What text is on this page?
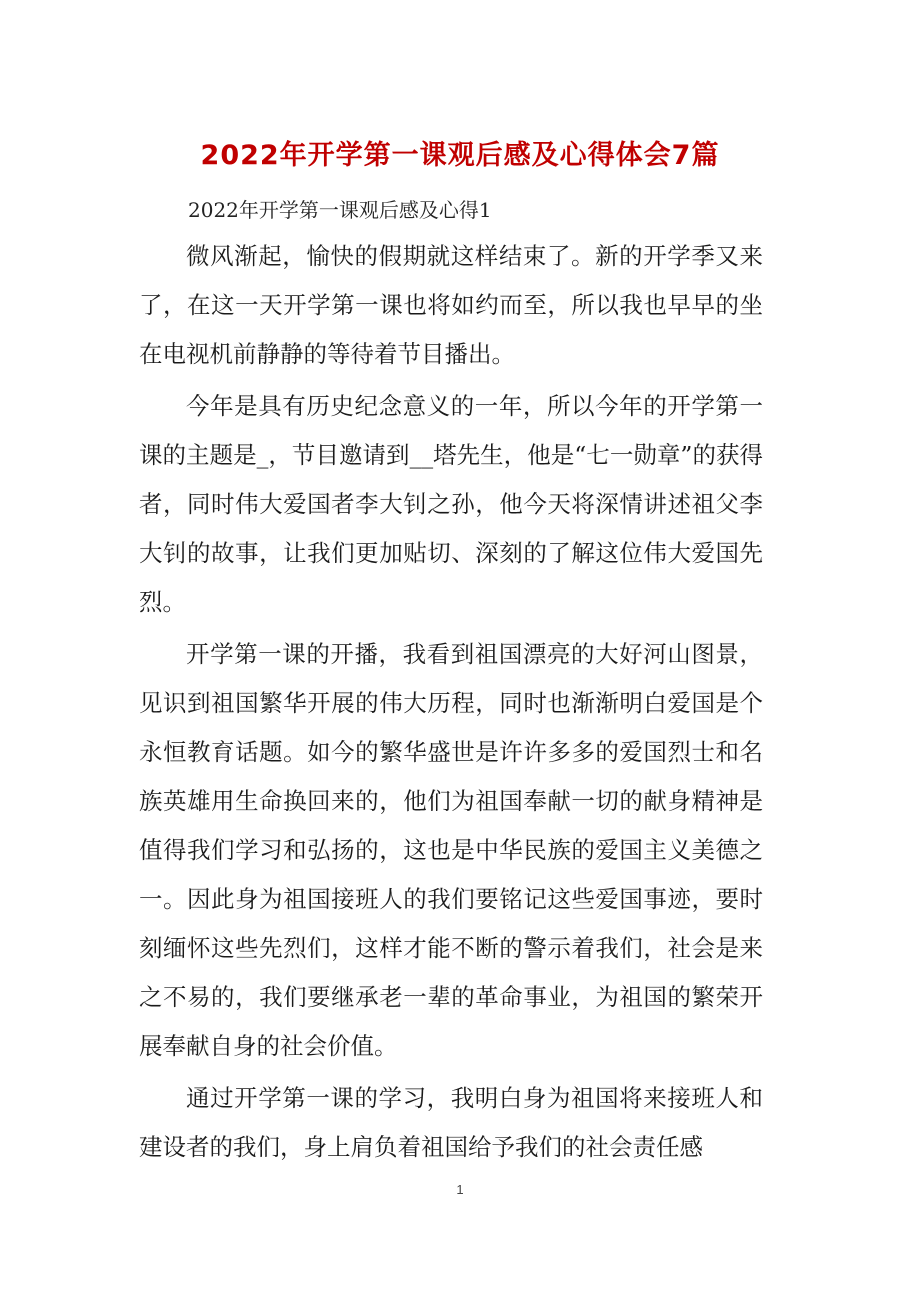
2022年开学第一课观后感及心得体会7篇

2022年开学第一课观后感及心得1

微风渐起，愉快的假期就这样结束了。新的开学季又来了，在这一天开学第一课也将如约而至，所以我也早早的坐在电视机前静静的等待着节目播出。

今年是具有历史纪念意义的一年，所以今年的开学第一课的主题是_，节目邀请到__塔先生，他是“七一勋章”的获得者，同时伟大爱国者李大钊之孙，他今天将深情讲述祖父李大钊的故事，让我们更加贴切、深刻的了解这位伟大爱国先烈。

开学第一课的开播，我看到祖国漂亮的大好河山图景，见识到祖国繁华开展的伟大历程，同时也渐渐明白爱国是个永恒教育话题。如今的繁华盛世是许许多多的爱国烈士和名族英雄用生命换回来的，他们为祖国奉献一切的献身精神是值得我们学习和弘扬的，这也是中华民族的爱国主义美德之一。因此身为祖国接班人的我们要铭记这些爱国事迹，要时刻缅怀这些先烈们，这样才能不断的警示着我们，社会是来之不易的，我们要继承老一辈的革命事业，为祖国的繁荣开展奉献自身的社会价值。

通过开学第一课的学习，我明白身为祖国将来接班人和建设者的我们，身上肩负着祖国给予我们的社会责任感

1
